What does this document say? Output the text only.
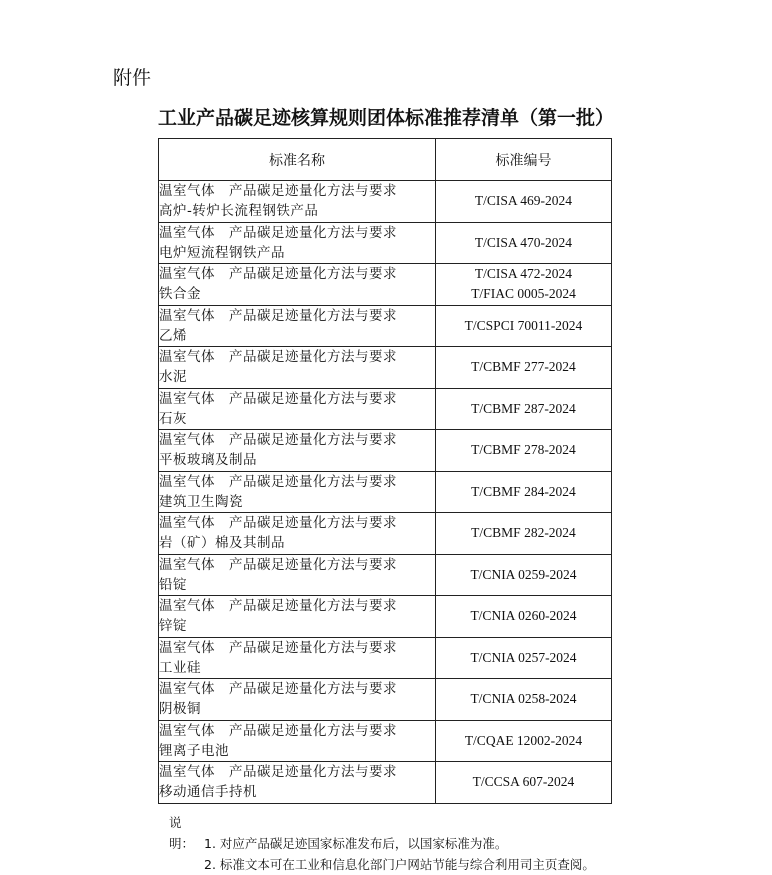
附件
工业产品碳足迹核算规则团体标准推荐清单（第一批）
标准名称	标准编号

温室气体　产品碳足迹量化方法与要求
高炉-转炉长流程钢铁产品	T/CISA 469-2024

温室气体　产品碳足迹量化方法与要求
电炉短流程钢铁产品	T/CISA 470-2024

温室气体　产品碳足迹量化方法与要求
铁合金	T/CISA 472-2024
T/FIAC 0005-2024

温室气体　产品碳足迹量化方法与要求
乙烯	T/CSPCI 70011-2024

温室气体　产品碳足迹量化方法与要求
水泥	T/CBMF 277-2024

温室气体　产品碳足迹量化方法与要求
石灰	T/CBMF 287-2024

温室气体　产品碳足迹量化方法与要求
平板玻璃及制品	T/CBMF 278-2024

温室气体　产品碳足迹量化方法与要求
建筑卫生陶瓷	T/CBMF 284-2024

温室气体　产品碳足迹量化方法与要求
岩（矿）棉及其制品	T/CBMF 282-2024

温室气体　产品碳足迹量化方法与要求
铅锭	T/CNIA 0259-2024

温室气体　产品碳足迹量化方法与要求
锌锭	T/CNIA 0260-2024

温室气体　产品碳足迹量化方法与要求
工业硅	T/CNIA 0257-2024

温室气体　产品碳足迹量化方法与要求
阴极铜	T/CNIA 0258-2024

温室气体　产品碳足迹量化方法与要求
锂离子电池	T/CQAE 12002-2024

温室气体　产品碳足迹量化方法与要求
移动通信手持机	T/CCSA 607-2024
说明： 1. 对应产品碳足迹国家标准发布后，以国家标准为准。
2. 标准文本可在工业和信息化部门户网站节能与综合利用司主页查阅。
